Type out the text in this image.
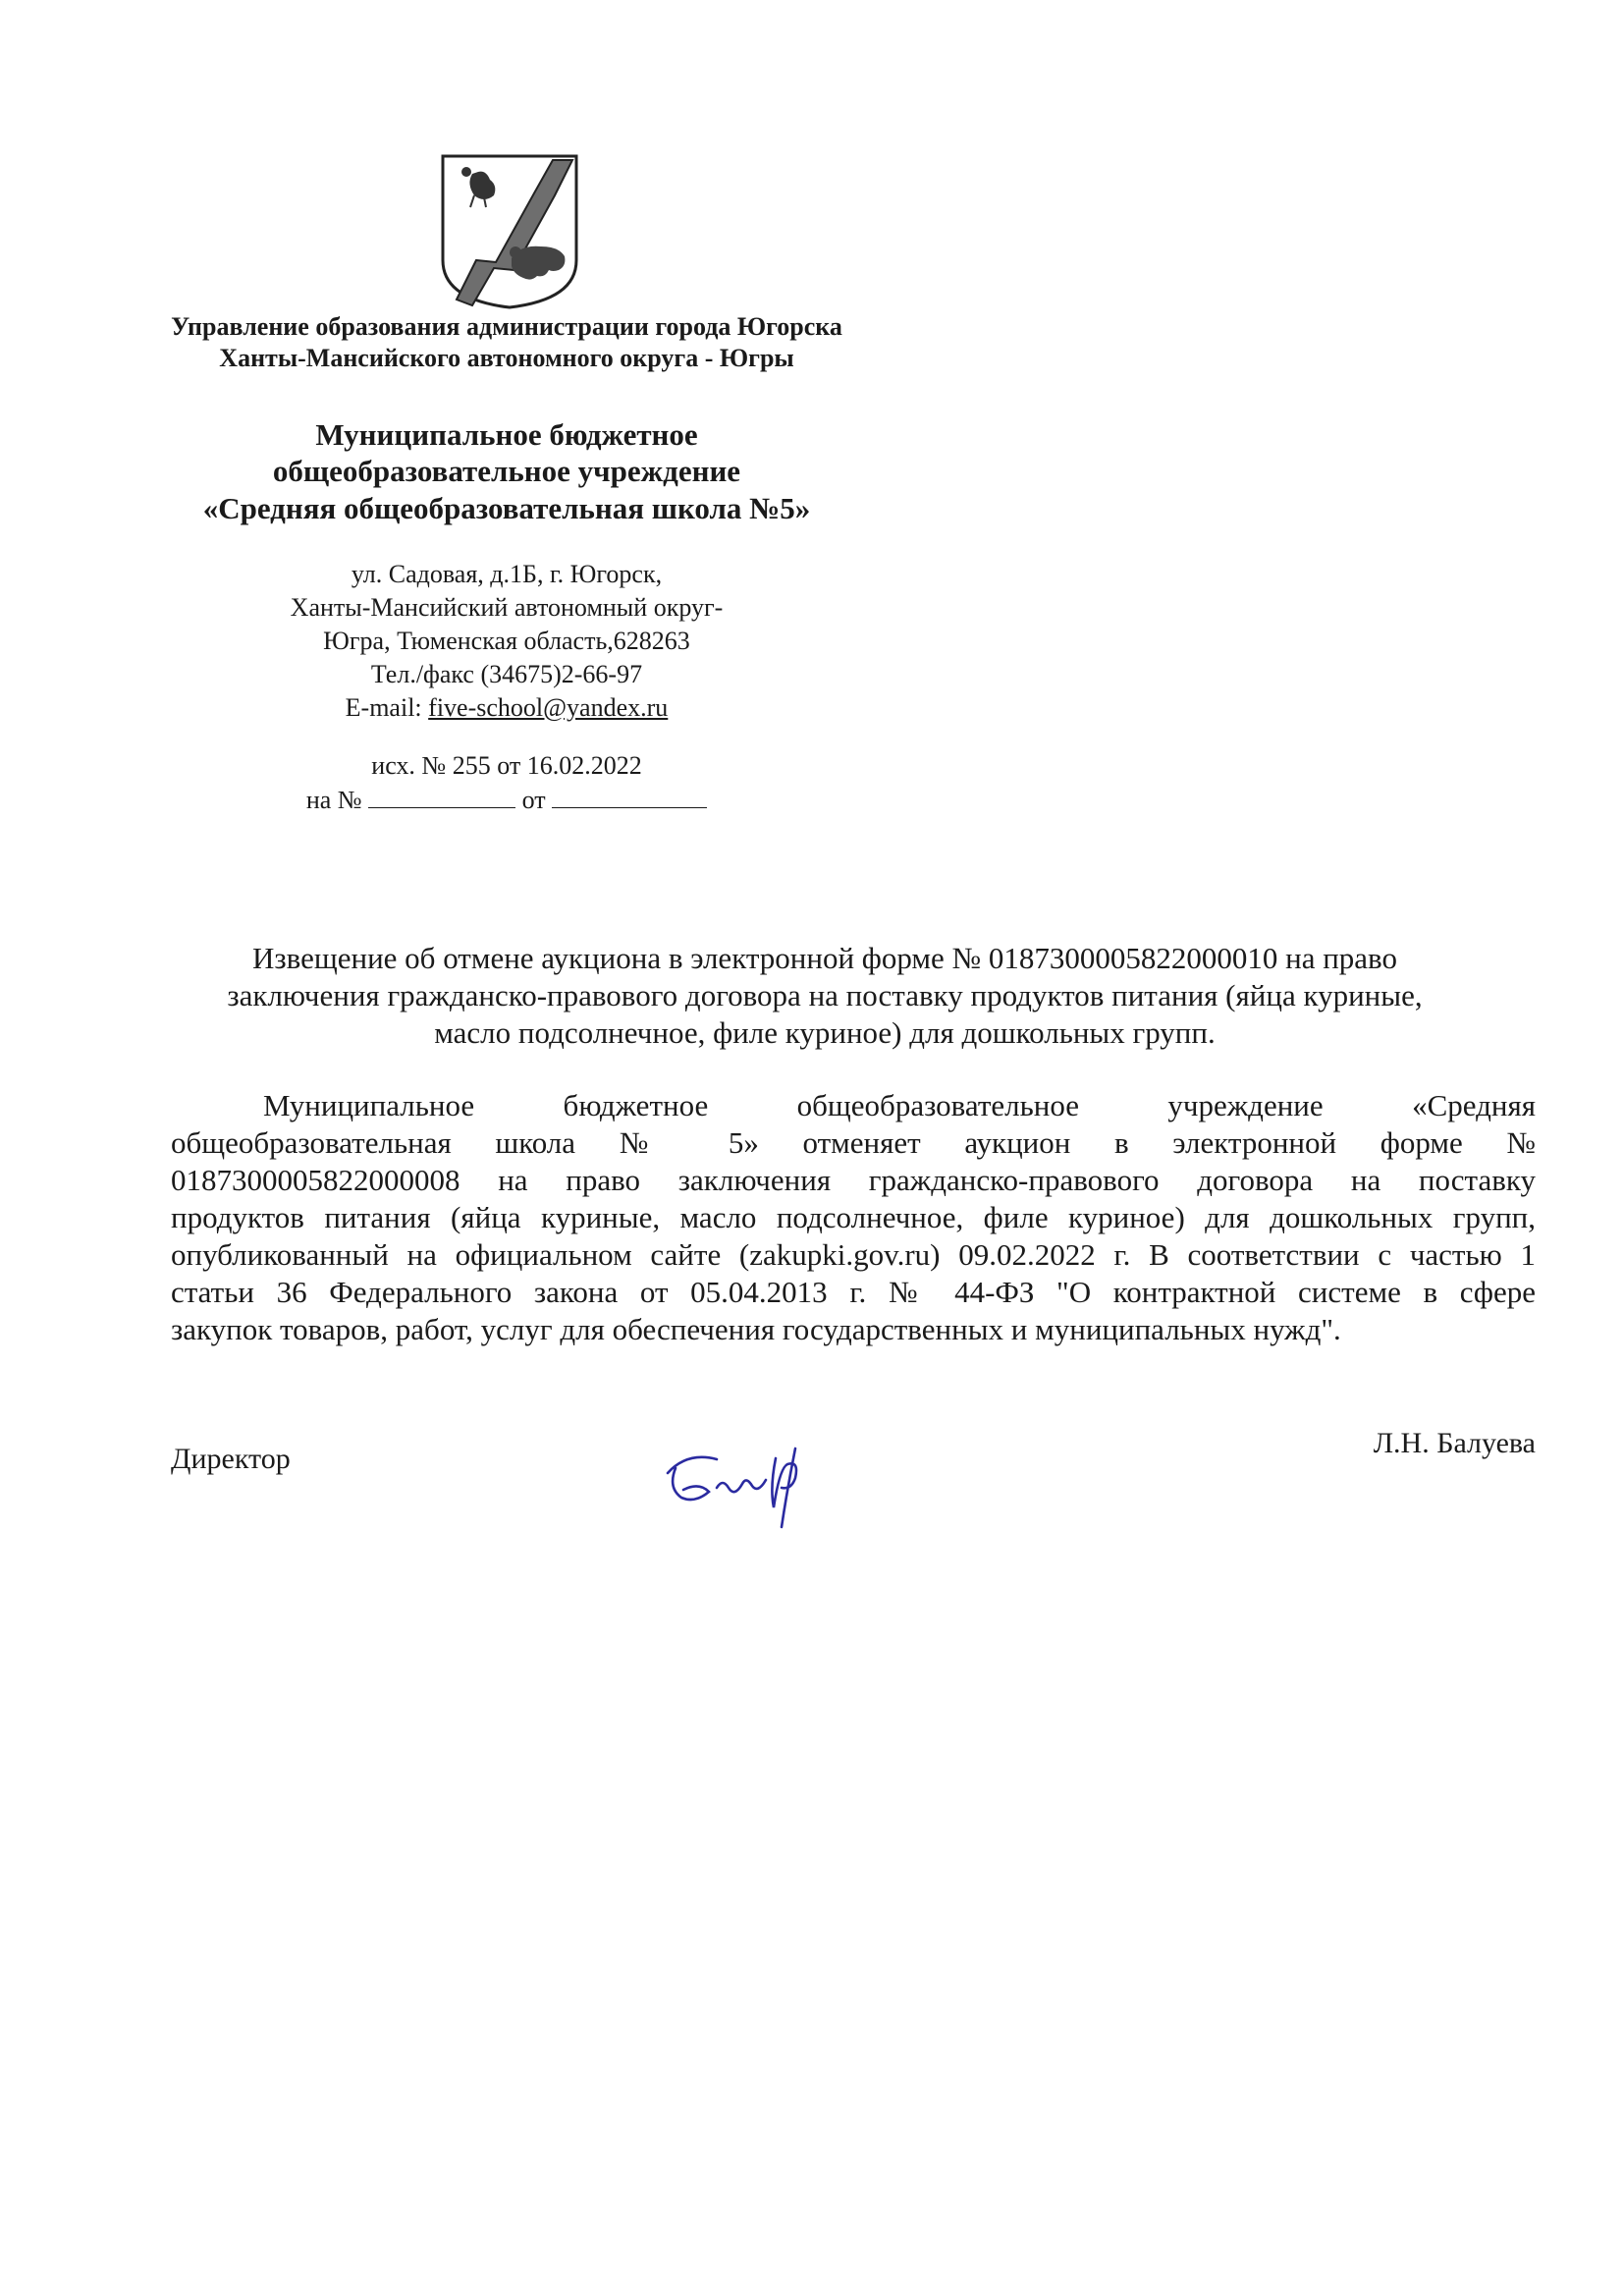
Управление образования администрации города Югорска
Ханты-Мансийского автономного округа - Югры
Муниципальное бюджетное
общеобразовательное учреждение
«Средняя общеобразовательная школа №5»
ул. Садовая, д.1Б, г. Югорск,
Ханты-Мансийский автономный округ-
Югра, Тюменская область,628263
Тел./факс (34675)2-66-97
E-mail: five-school@yandex.ru
исх. № 255 от 16.02.2022
на №	от
Извещение об отмене аукциона в электронной форме № 0187300005822000010 на право
заключения гражданско-правового договора на поставку продуктов питания (яйца куриные,
масло подсолнечное, филе куриное) для дошкольных групп.
Муниципальное бюджетное общеобразовательное учреждение «Средняя
общеобразовательная школа № 5» отменяет аукцион в электронной форме №
0187300005822000008 на право заключения гражданско-правового договора на поставку
продуктов питания (яйца куриные, масло подсолнечное, филе куриное) для дошкольных групп,
опубликованный на официальном сайте (zakupki.gov.ru) 09.02.2022 г. В соответствии с частью 1
статьи 36 Федерального закона от 05.04.2013 г. № 44-ФЗ "О контрактной системе в сфере
закупок товаров, работ, услуг для обеспечения государственных и муниципальных нужд".
Директор	Л.Н. Балуева
